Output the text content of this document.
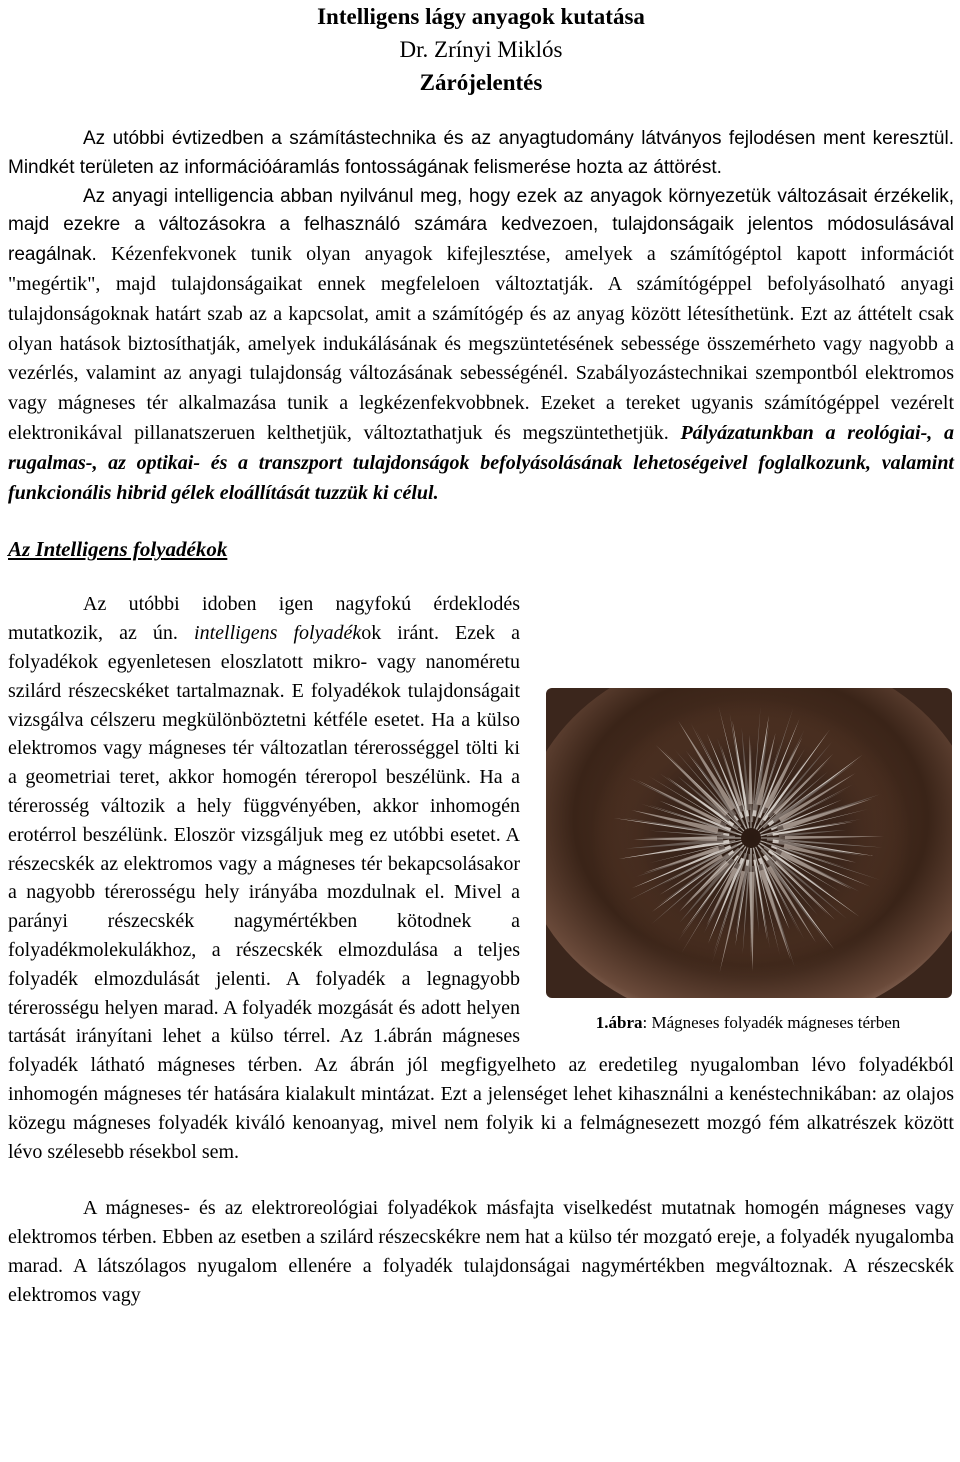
Intelligens lágy anyagok kutatása
Dr. Zrínyi Miklós
Zárójelentés

Az utóbbi évtizedben a számítástechnika és az anyagtudomány látványos fejlodésen ment keresztül. Mindkét területen az információáramlás fontosságának felismerése hozta az áttörést.

Az anyagi intelligencia abban nyilvánul meg, hogy ezek az anyagok környezetük változásait érzékelik, majd ezekre a változásokra a felhasználó számára kedvezoen, tulajdonságaik jelentos módosulásával reagálnak. Kézenfekvonek tunik olyan anyagok kifejlesztése, amelyek a számítógéptol kapott információt "megértik", majd tulajdonságaikat ennek megfeleloen változtatják. A számítógéppel befolyásolható anyagi tulajdonságoknak határt szab az a kapcsolat, amit a számítógép és az anyag között létesíthetünk. Ezt az áttételt csak olyan hatások biztosíthatják, amelyek indukálásának és megszüntetésének sebessége összemérheto vagy nagyobb a vezérlés, valamint az anyagi tulajdonság változásának sebességénél. Szabályozástechnikai szempontból elektromos vagy mágneses tér alkalmazása tunik a legkézenfekvobbnek. Ezeket a tereket ugyanis számítógéppel vezérelt elektronikával pillanatszeruen kelthetjük, változtathatjuk és megszüntethetjük. Pályázatunkban a reológiai-, a rugalmas-, az optikai- és a transzport tulajdonságok befolyásolásának lehetoségeivel foglalkozunk, valamint funkcionális hibrid gélek eloállítását tuzzük ki célul.

Az Intelligens folyadékok
1.ábra: Mágneses folyadék mágneses térben
Az utóbbi idoben igen nagyfokú érdeklodés mutatkozik, az ún. intelligens folyadékok iránt. Ezek a folyadékok egyenletesen eloszlatott mikro- vagy nanoméretu szilárd részecskéket tartalmaznak. E folyadékok tulajdonságait vizsgálva célszeru megkülönböztetni kétféle esetet. Ha a külso elektromos vagy mágneses tér változatlan térerosséggel tölti ki a geometriai teret, akkor homogén téreropol beszélünk. Ha a térerosség változik a hely függvényében, akkor inhomogén erotérrol beszélünk. Eloször vizsgáljuk meg ez utóbbi esetet. A részecskék az elektromos vagy a mágneses tér bekapcsolásakor a nagyobb térerosségu hely irányába mozdulnak el. Mivel a parányi részecskék nagymértékben kötodnek a folyadékmolekulákhoz, a részecskék elmozdulása a teljes folyadék elmozdulását jelenti. A folyadék a legnagyobb térerosségu helyen marad. A folyadék mozgását és adott helyen tartását irányítani lehet a külso térrel. Az 1.ábrán mágneses folyadék látható mágneses térben. Az ábrán jól megfigyelheto az eredetileg nyugalomban lévo folyadékból inhomogén mágneses tér hatására kialakult mintázat. Ezt a jelenséget lehet kihasználni a kenéstechnikában: az olajos közegu mágneses folyadék kiváló kenoanyag, mivel nem folyik ki a felmágnesezett mozgó fém alkatrészek között lévo szélesebb résekbol sem.

A mágneses- és az elektroreológiai folyadékok másfajta viselkedést mutatnak homogén mágneses vagy elektromos térben. Ebben az esetben a szilárd részecskékre nem hat a külso tér mozgató ereje, a folyadék nyugalomba marad. A látszólagos nyugalom ellenére a folyadék tulajdonságai nagymértékben megváltoznak. A részecskék elektromos vagy
